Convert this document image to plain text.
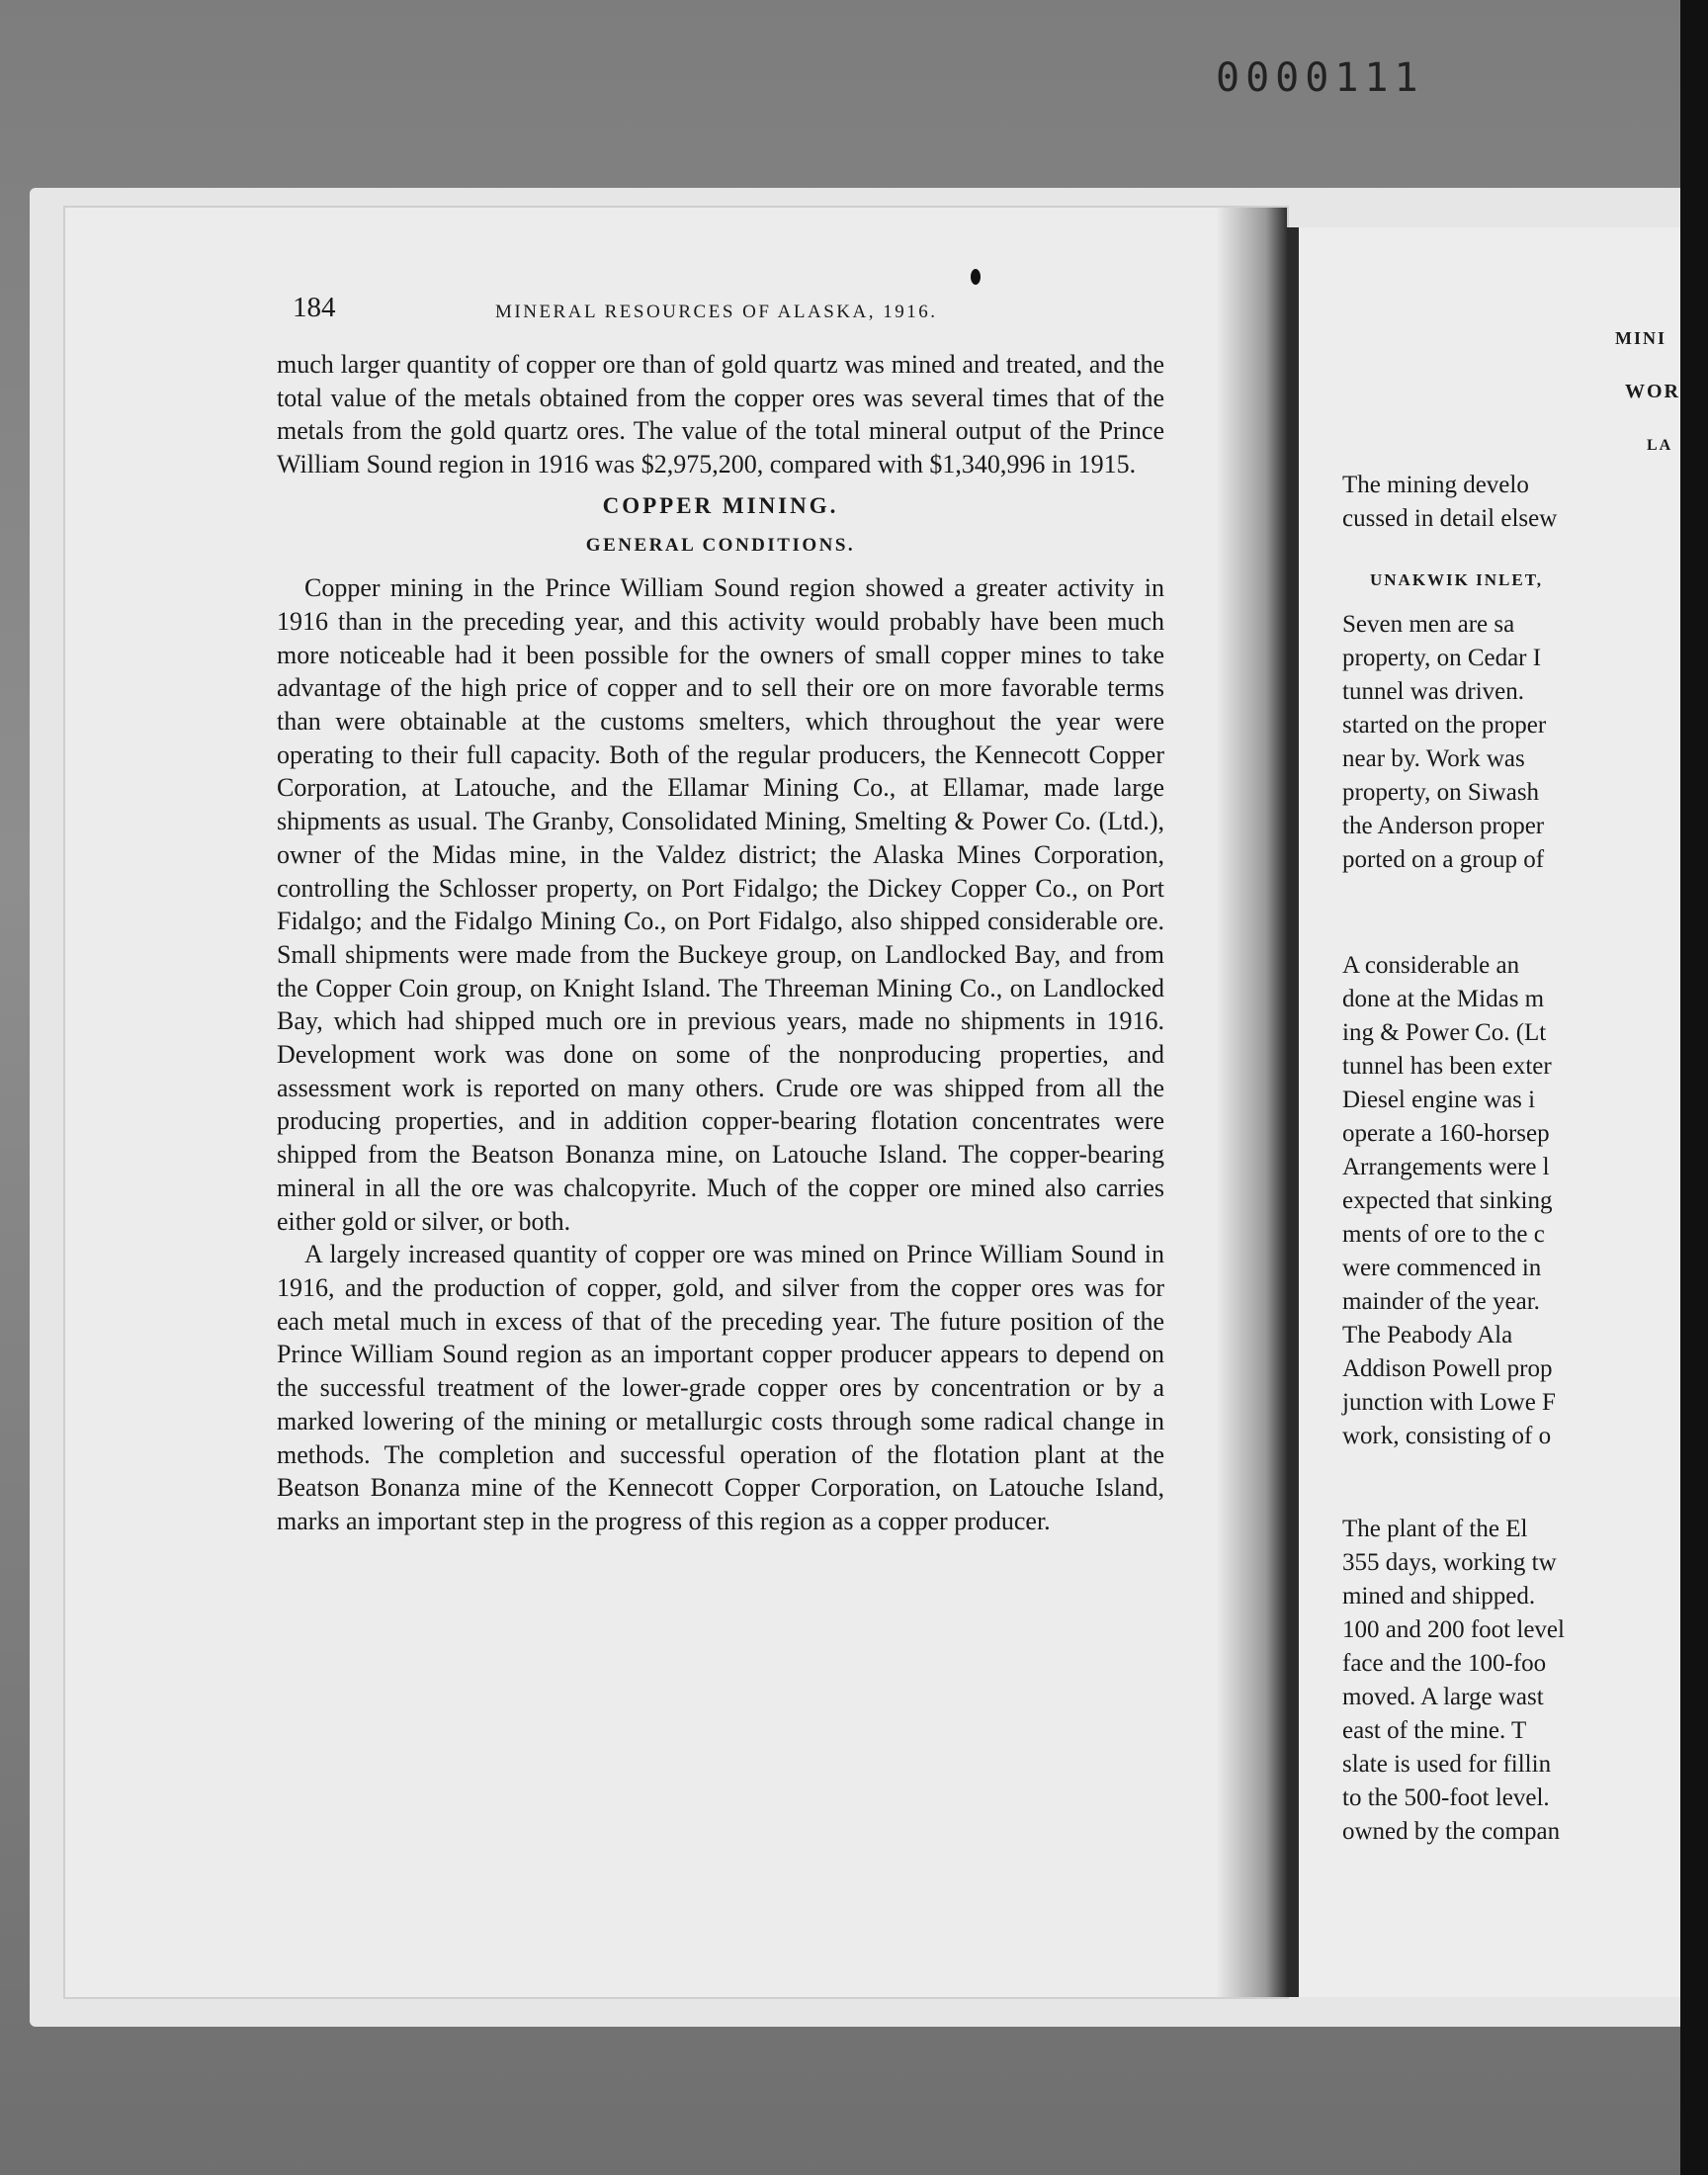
0000111
184	MINERAL RESOURCES OF ALASKA, 1916.

much larger quantity of copper ore than of gold quartz was mined and treated, and the total value of the metals obtained from the copper ores was several times that of the metals from the gold quartz ores. The value of the total mineral output of the Prince William Sound region in 1916 was $2,975,200, compared with $1,340,996 in 1915.

COPPER MINING.

GENERAL CONDITIONS.

Copper mining in the Prince William Sound region showed a greater activity in 1916 than in the preceding year, and this activity would probably have been much more noticeable had it been possible for the owners of small copper mines to take advantage of the high price of copper and to sell their ore on more favorable terms than were obtainable at the customs smelters, which throughout the year were operating to their full capacity. Both of the regular producers, the Kennecott Copper Corporation, at Latouche, and the Ellamar Mining Co., at Ellamar, made large shipments as usual. The Granby, Consolidated Mining, Smelting & Power Co. (Ltd.), owner of the Midas mine, in the Valdez district; the Alaska Mines Corporation, controlling the Schlosser property, on Port Fidalgo; the Dickey Copper Co., on Port Fidalgo; and the Fidalgo Mining Co., on Port Fidalgo, also shipped considerable ore. Small shipments were made from the Buckeye group, on Landlocked Bay, and from the Copper Coin group, on Knight Island. The Threeman Mining Co., on Landlocked Bay, which had shipped much ore in previous years, made no shipments in 1916. Development work was done on some of the nonproducing properties, and assessment work is reported on many others. Crude ore was shipped from all the producing properties, and in addition copper-bearing flotation concentrates were shipped from the Beatson Bonanza mine, on Latouche Island. The copper-bearing mineral in all the ore was chalcopyrite. Much of the copper ore mined also carries either gold or silver, or both.

A largely increased quantity of copper ore was mined on Prince William Sound in 1916, and the production of copper, gold, and silver from the copper ores was for each metal much in excess of that of the preceding year. The future position of the Prince William Sound region as an important copper producer appears to depend on the successful treatment of the lower-grade copper ores by concentration or by a marked lowering of the mining or metallurgic costs through some radical change in methods. The completion and successful operation of the flotation plant at the Beatson Bonanza mine of the Kennecott Copper Corporation, on Latouche Island, marks an important step in the progress of this region as a copper producer.

MINI
WOR
LA
The mining develo
cussed in detail elsew
UNAKWIK INLET,
Seven men are sa
property, on Cedar I
tunnel was driven.
started on the proper
near by. Work was
property, on Siwash
the Anderson proper
ported on a group of
A considerable an
done at the Midas m
ing & Power Co. (Lt
tunnel has been exter
Diesel engine was i
operate a 160-horsep
Arrangements were l
expected that sinking
ments of ore to the c
were commenced in
mainder of the year.
The Peabody Ala
Addison Powell prop
junction with Lowe F
work, consisting of o
The plant of the El
355 days, working tw
mined and shipped.
100 and 200 foot level
face and the 100-foo
moved. A large wast
east of the mine. T
slate is used for fillin
to the 500-foot level.
owned by the compan
